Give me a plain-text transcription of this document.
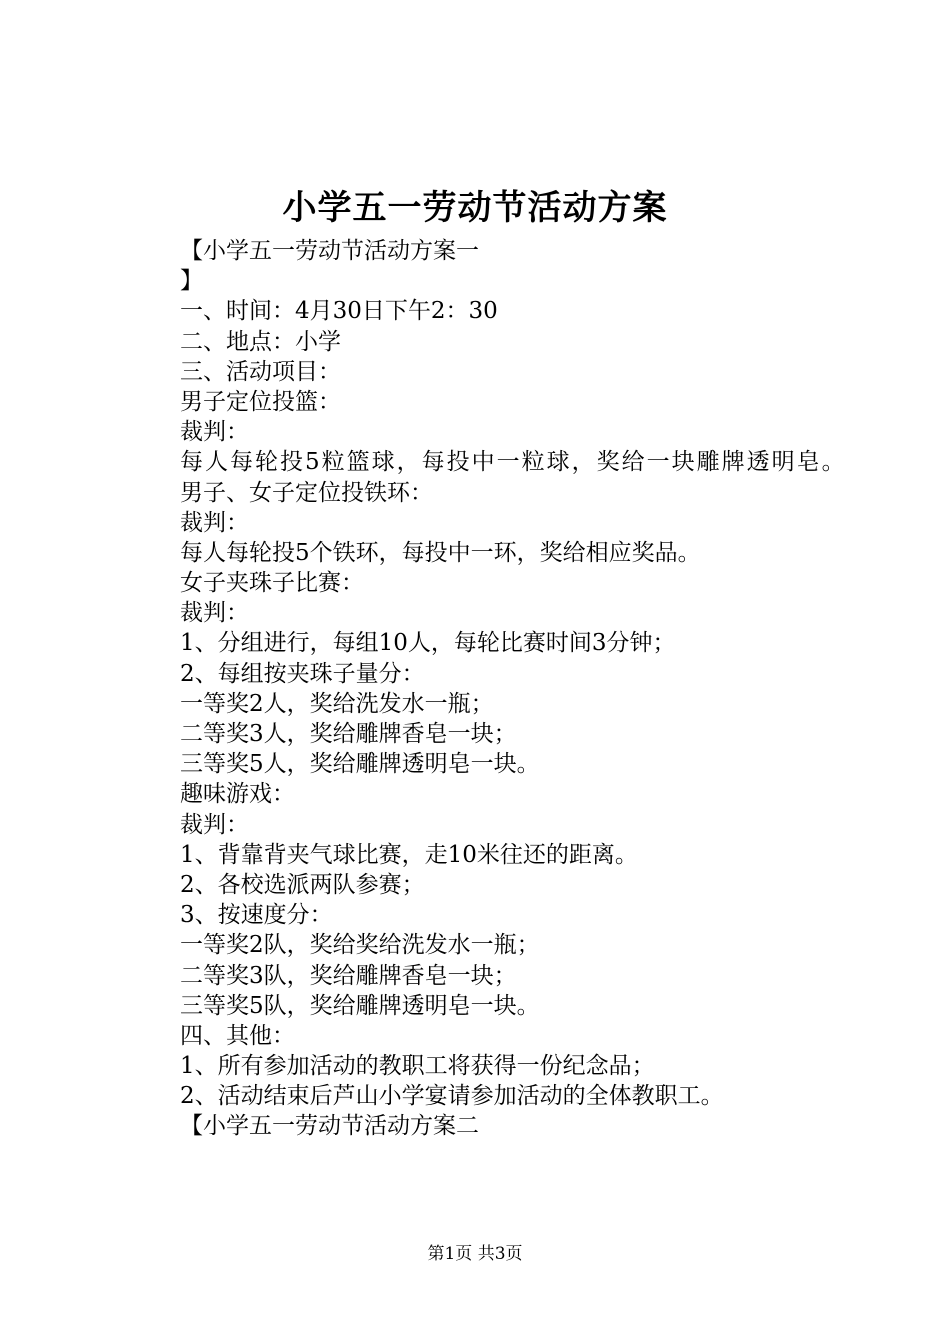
小学五一劳动节活动方案
【小学五一劳动节活动方案一
】
一、时间：4月30日下午2：30
二、地点：小学
三、活动项目：
男子定位投篮：
裁判：
每人每轮投5粒篮球，每投中一粒球，奖给一块雕牌透明皂。
男子、女子定位投铁环：
裁判：
每人每轮投5个铁环，每投中一环，奖给相应奖品。
女子夹珠子比赛：
裁判：
1、分组进行，每组10人，每轮比赛时间3分钟；
2、每组按夹珠子量分：
一等奖2人，奖给洗发水一瓶；
二等奖3人，奖给雕牌香皂一块；
三等奖5人，奖给雕牌透明皂一块。
趣味游戏：
裁判：
1、背靠背夹气球比赛，走10米往还的距离。
2、各校选派两队参赛；
3、按速度分：
一等奖2队，奖给奖给洗发水一瓶；
二等奖3队，奖给雕牌香皂一块；
三等奖5队，奖给雕牌透明皂一块。
四、其他：
1、所有参加活动的教职工将获得一份纪念品；
2、活动结束后芦山小学宴请参加活动的全体教职工。
【小学五一劳动节活动方案二
第1页 共3页
